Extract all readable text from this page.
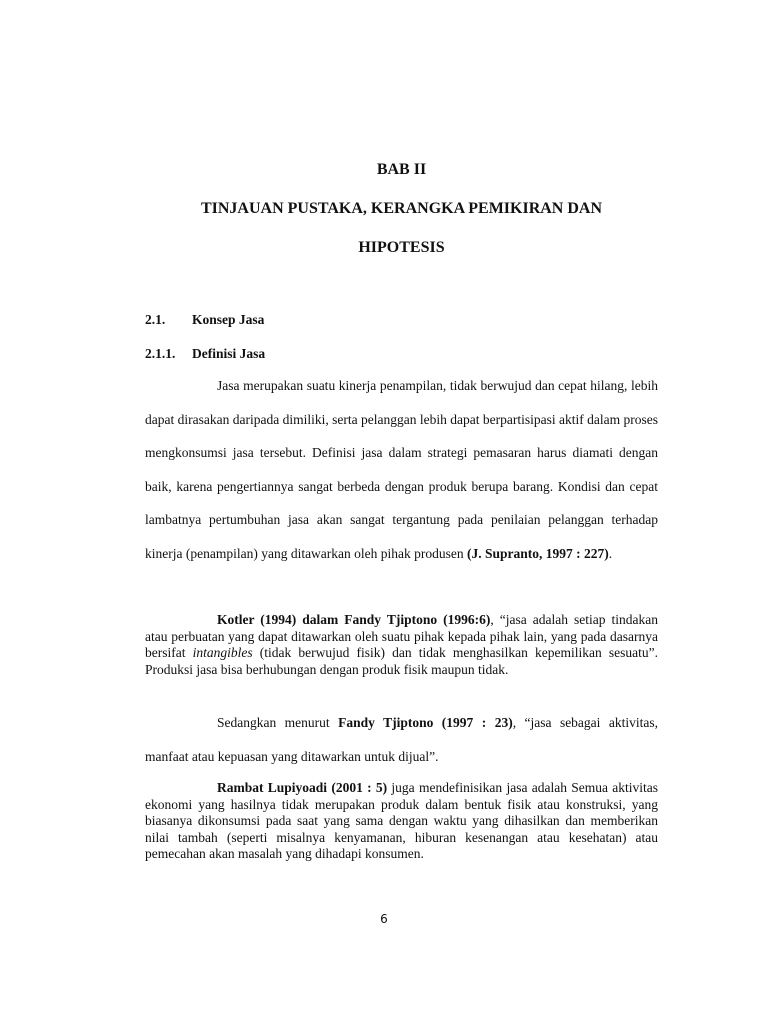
BAB II
TINJAUAN PUSTAKA, KERANGKA PEMIKIRAN DAN
HIPOTESIS
2.1. Konsep Jasa
2.1.1. Definisi Jasa
Jasa merupakan suatu kinerja penampilan, tidak berwujud dan cepat hilang, lebih dapat dirasakan daripada dimiliki, serta pelanggan lebih dapat berpartisipasi aktif dalam proses mengkonsumsi jasa tersebut. Definisi jasa dalam strategi pemasaran harus diamati dengan baik, karena pengertiannya sangat berbeda dengan produk berupa barang. Kondisi dan cepat lambatnya pertumbuhan jasa akan sangat tergantung pada penilaian pelanggan terhadap kinerja (penampilan) yang ditawarkan oleh pihak produsen (J. Supranto, 1997 : 227).
Kotler (1994) dalam Fandy Tjiptono (1996:6), “jasa adalah setiap tindakan atau perbuatan yang dapat ditawarkan oleh suatu pihak kepada pihak lain, yang pada dasarnya bersifat intangibles (tidak berwujud fisik) dan tidak menghasilkan kepemilikan sesuatu”. Produksi jasa bisa berhubungan dengan produk fisik maupun tidak.
Sedangkan menurut Fandy Tjiptono (1997 : 23), “jasa sebagai aktivitas, manfaat atau kepuasan yang ditawarkan untuk dijual”.
Rambat Lupiyoadi (2001 : 5) juga mendefinisikan jasa adalah Semua aktivitas ekonomi yang hasilnya tidak merupakan produk dalam bentuk fisik atau konstruksi, yang biasanya dikonsumsi pada saat yang sama dengan waktu yang dihasilkan dan memberikan nilai tambah (seperti misalnya kenyamanan, hiburan kesenangan atau kesehatan) atau pemecahan akan masalah yang dihadapi konsumen.
6
